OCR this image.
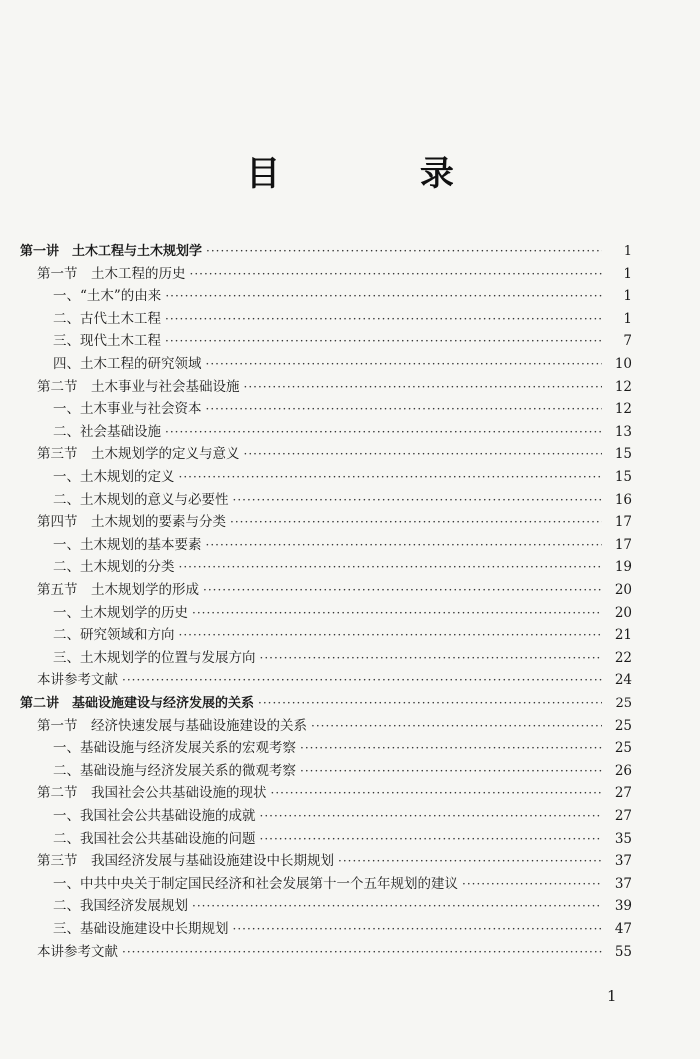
目 录
第一讲　土木工程与土木规划学 ·····	1
第一节　土木工程的历史 ·····	1
一、“土木”的由来 ·····	1
二、古代土木工程 ·····	1
三、现代土木工程 ·····	7
四、土木工程的研究领域 ·····	10
第二节　土木事业与社会基础设施 ·····	12
一、土木事业与社会资本 ·····	12
二、社会基础设施 ·····	13
第三节　土木规划学的定义与意义 ·····	15
一、土木规划的定义 ·····	15
二、土木规划的意义与必要性 ·····	16
第四节　土木规划的要素与分类 ·····	17
一、土木规划的基本要素 ·····	17
二、土木规划的分类 ·····	19
第五节　土木规划学的形成 ·····	20
一、土木规划学的历史 ·····	20
二、研究领域和方向 ·····	21
三、土木规划学的位置与发展方向 ·····	22
本讲参考文献 ·····	24
第二讲　基础设施建设与经济发展的关系 ·····	25
第一节　经济快速发展与基础设施建设的关系 ·····	25
一、基础设施与经济发展关系的宏观考察 ·····	25
二、基础设施与经济发展关系的微观考察 ·····	26
第二节　我国社会公共基础设施的现状 ·····	27
一、我国社会公共基础设施的成就 ·····	27
二、我国社会公共基础设施的问题 ·····	35
第三节　我国经济发展与基础设施建设中长期规划 ·····	37
一、中共中央关于制定国民经济和社会发展第十一个五年规划的建议 ·····	37
二、我国经济发展规划 ·····	39
三、基础设施建设中长期规划 ·····	47
本讲参考文献 ·····	55
1
